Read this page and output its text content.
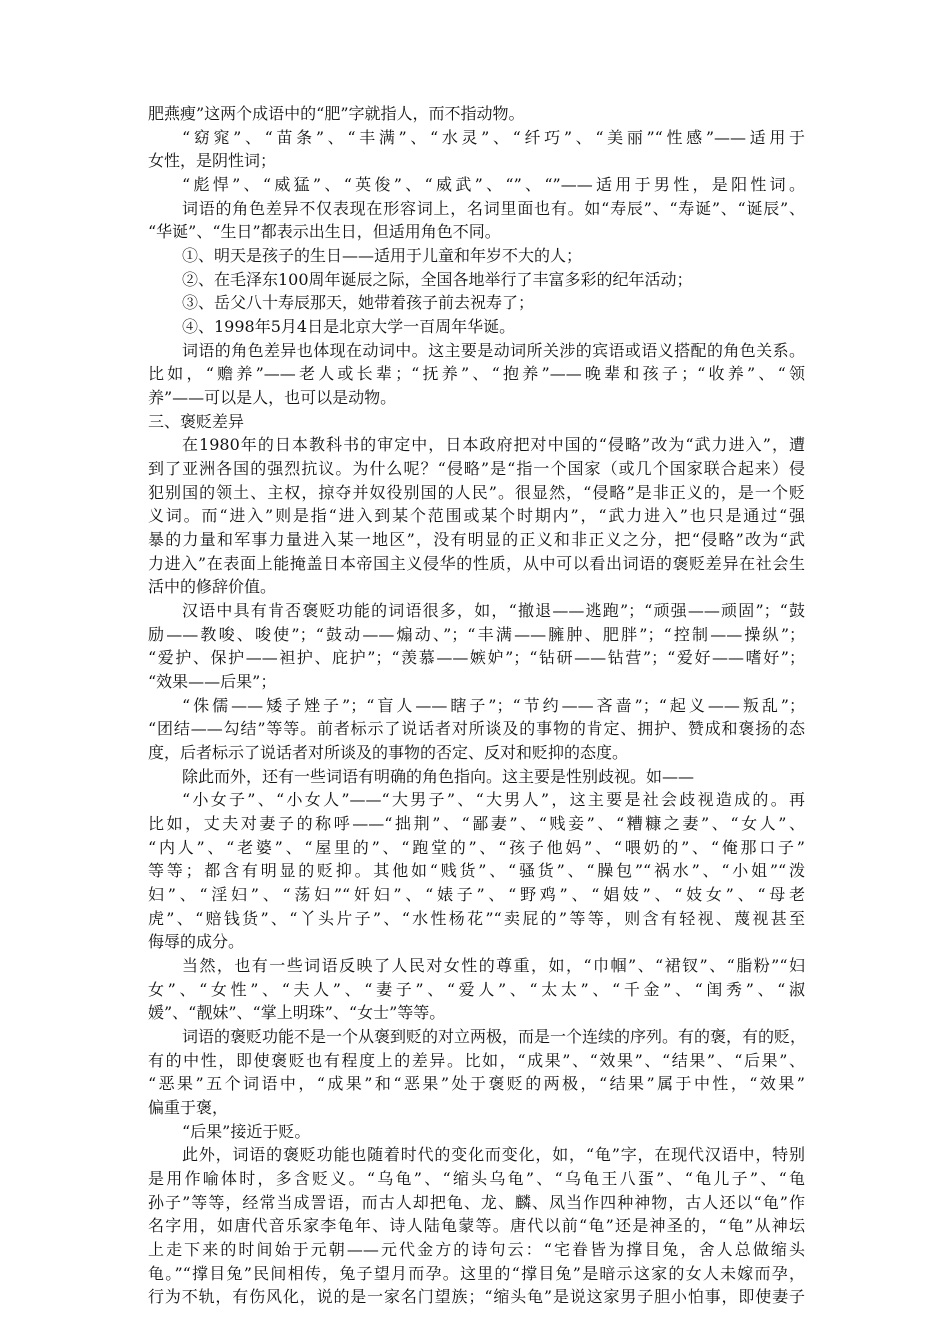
肥燕瘦”这两个成语中的“肥”字就指人，而不指动物。
“窈窕”、“苗条”、“丰满”、“水灵”、“纤巧”、“美丽”“性感”——适用于
女性，是阴性词；
“彪悍”、“威猛”、“英俊”、“威武”、“”、“”——适用于男性，是阳性词。
词语的角色差异不仅表现在形容词上，名词里面也有。如“寿辰”、“寿诞”、“诞辰”、
“华诞”、“生日”都表示出生日，但适用角色不同。
①、明天是孩子的生日——适用于儿童和年岁不大的人；
②、在毛泽东100周年诞辰之际，全国各地举行了丰富多彩的纪年活动；
③、岳父八十寿辰那天，她带着孩子前去祝寿了；
④、1998年5月4日是北京大学一百周年华诞。
词语的角色差异也体现在动词中。这主要是动词所关涉的宾语或语义搭配的角色关系。
比如，“赡养”——老人或长辈；“抚养”、“抱养”——晚辈和孩子；“收养”、“领
养”——可以是人，也可以是动物。
三、褒贬差异
在1980年的日本教科书的审定中，日本政府把对中国的“侵略”改为“武力进入”，遭
到了亚洲各国的强烈抗议。为什么呢？“侵略”是“指一个国家（或几个国家联合起来）侵
犯别国的领土、主权，掠夺并奴役别国的人民”。很显然，“侵略”是非正义的，是一个贬
义词。而“进入”则是指“进入到某个范围或某个时期内”，“武力进入”也只是通过“强
暴的力量和军事力量进入某一地区”，没有明显的正义和非正义之分，把“侵略”改为“武
力进入”在表面上能掩盖日本帝国主义侵华的性质，从中可以看出词语的褒贬差异在社会生
活中的修辞价值。
汉语中具有肯否褒贬功能的词语很多，如，“撤退——逃跑”；“顽强——顽固”；“鼓
励——教唆、唆使”；“鼓动——煽动、”；“丰满——臃肿、肥胖”；“控制——操纵”；
“爱护、保护——袒护、庇护”；“羡慕——嫉妒”；“钻研——钻营”；“爱好——嗜好”；
“效果——后果”；
“侏儒——矮子矬子”；“盲人——瞎子”；“节约——吝啬”；“起义——叛乱”；
“团结——勾结”等等。前者标示了说话者对所谈及的事物的肯定、拥护、赞成和褒扬的态
度，后者标示了说话者对所谈及的事物的否定、反对和贬抑的态度。
除此而外，还有一些词语有明确的角色指向。这主要是性别歧视。如——
“小女子”、“小女人”——“大男子”、“大男人”，这主要是社会歧视造成的。再
比如，丈夫对妻子的称呼——“拙荆”、“鄙妻”、“贱妾”、“糟糠之妻”、“女人”、
“内人”、“老婆”、“屋里的”、“跑堂的”、“孩子他妈”、“喂奶的”、“俺那口子”
等等；都含有明显的贬抑。其他如“贱货”、“骚货”、“臊包”“祸水”、“小姐”“泼
妇”、“淫妇”、“荡妇”“奸妇”、“婊子”、“野鸡”、“娼妓”、“妓女”、“母老
虎”、“赔钱货”、“丫头片子”、“水性杨花”“卖屁的”等等，则含有轻视、蔑视甚至
侮辱的成分。
当然，也有一些词语反映了人民对女性的尊重，如，“巾帼”、“裙钗”、“脂粉”“妇
女”、“女性”、“夫人”、“妻子”、“爱人”、“太太”、“千金”、“闺秀”、“淑
媛”、“靓妹”、“掌上明珠”、“女士”等等。
词语的褒贬功能不是一个从褒到贬的对立两极，而是一个连续的序列。有的褒，有的贬，
有的中性，即使褒贬也有程度上的差异。比如，“成果”、“效果”、“结果”、“后果”、
“恶果”五个词语中，“成果”和“恶果”处于褒贬的两极，“结果”属于中性，“效果”
偏重于褒，
“后果”接近于贬。
此外，词语的褒贬功能也随着时代的变化而变化，如，“龟”字，在现代汉语中，特别
是用作喻体时，多含贬义。“乌龟”、“缩头乌龟”、“乌龟王八蛋”、“龟儿子”、“龟
孙子”等等，经常当成詈语，而古人却把龟、龙、麟、凤当作四种神物，古人还以“龟”作
名字用，如唐代音乐家李龟年、诗人陆龟蒙等。唐代以前“龟”还是神圣的，“龟”从神坛
上走下来的时间始于元朝——元代金方的诗句云：“宅眷皆为撑目兔，舍人总做缩头
龟。”“撑目兔”民间相传，兔子望月而孕。这里的“撑目兔”是暗示这家的女人未嫁而孕，
行为不轨，有伤风化，说的是一家名门望族；“缩头龟”是说这家男子胆小怕事，即使妻子
